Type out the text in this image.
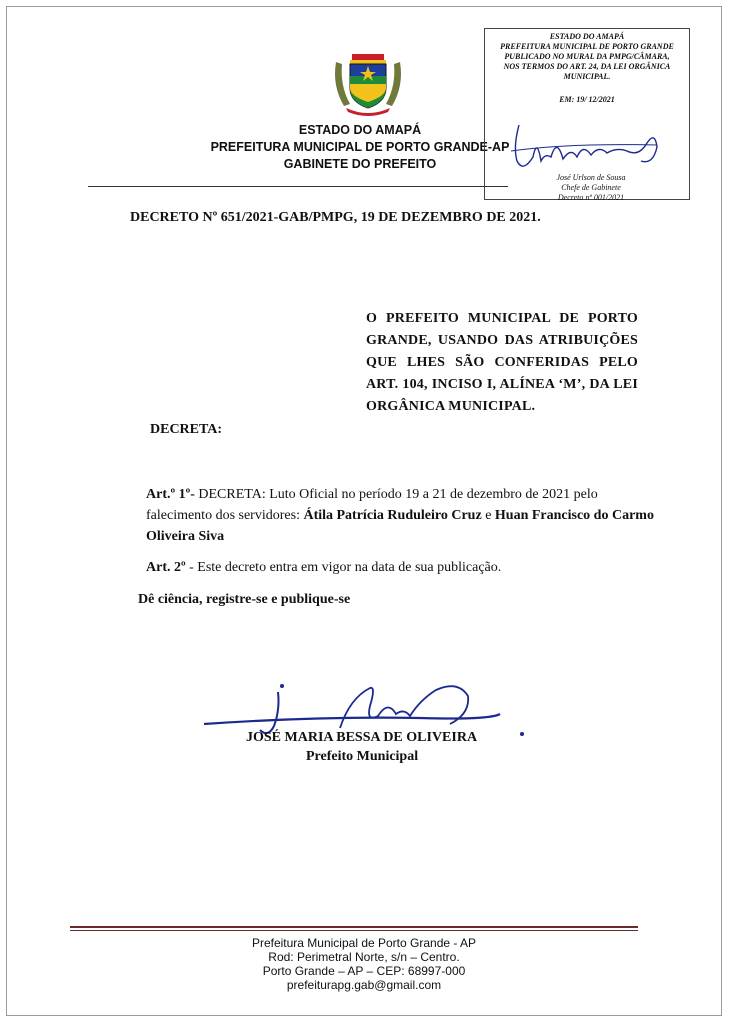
ESTADO DO AMAPÁ
PREFEITURA MUNICIPAL DE PORTO GRANDE-AP
GABINETE DO PREFEITO
ESTADO DO AMAPÁ
PREFEITURA MUNICIPAL DE PORTO GRANDE
PUBLICADO NO MURAL DA PMPG/CÂMARA,
NOS TERMOS DO ART. 24, DA LEI ORGÂNICA
MUNICIPAL.
EM: 19/ 12/2021
José Urlson de Sousa
Chefe de Gabinete
Decreto nº 001/2021
DECRETO Nº 651/2021-GAB/PMPG, 19 DE DEZEMBRO DE 2021.
O PREFEITO MUNICIPAL DE PORTO GRANDE, USANDO DAS ATRIBUIÇÕES QUE LHES SÃO CONFERIDAS PELO ART. 104, INCISO I, ALÍNEA ‘M’, DA LEI ORGÂNICA MUNICIPAL.
DECRETA:
Art.º 1º- DECRETA: Luto Oficial no período 19 a 21 de dezembro de 2021 pelo falecimento dos servidores: Átila Patrícia Ruduleiro Cruz e Huan Francisco do Carmo Oliveira Siva
Art. 2º - Este decreto entra em vigor na data de sua publicação.
Dê ciência, registre-se e publique-se
JOSÉ MARIA BESSA DE OLIVEIRA
Prefeito Municipal
Prefeitura Municipal de Porto Grande - AP
Rod: Perimetral Norte, s/n – Centro.
Porto Grande – AP – CEP: 68997-000
prefeiturapg.gab@gmail.com
